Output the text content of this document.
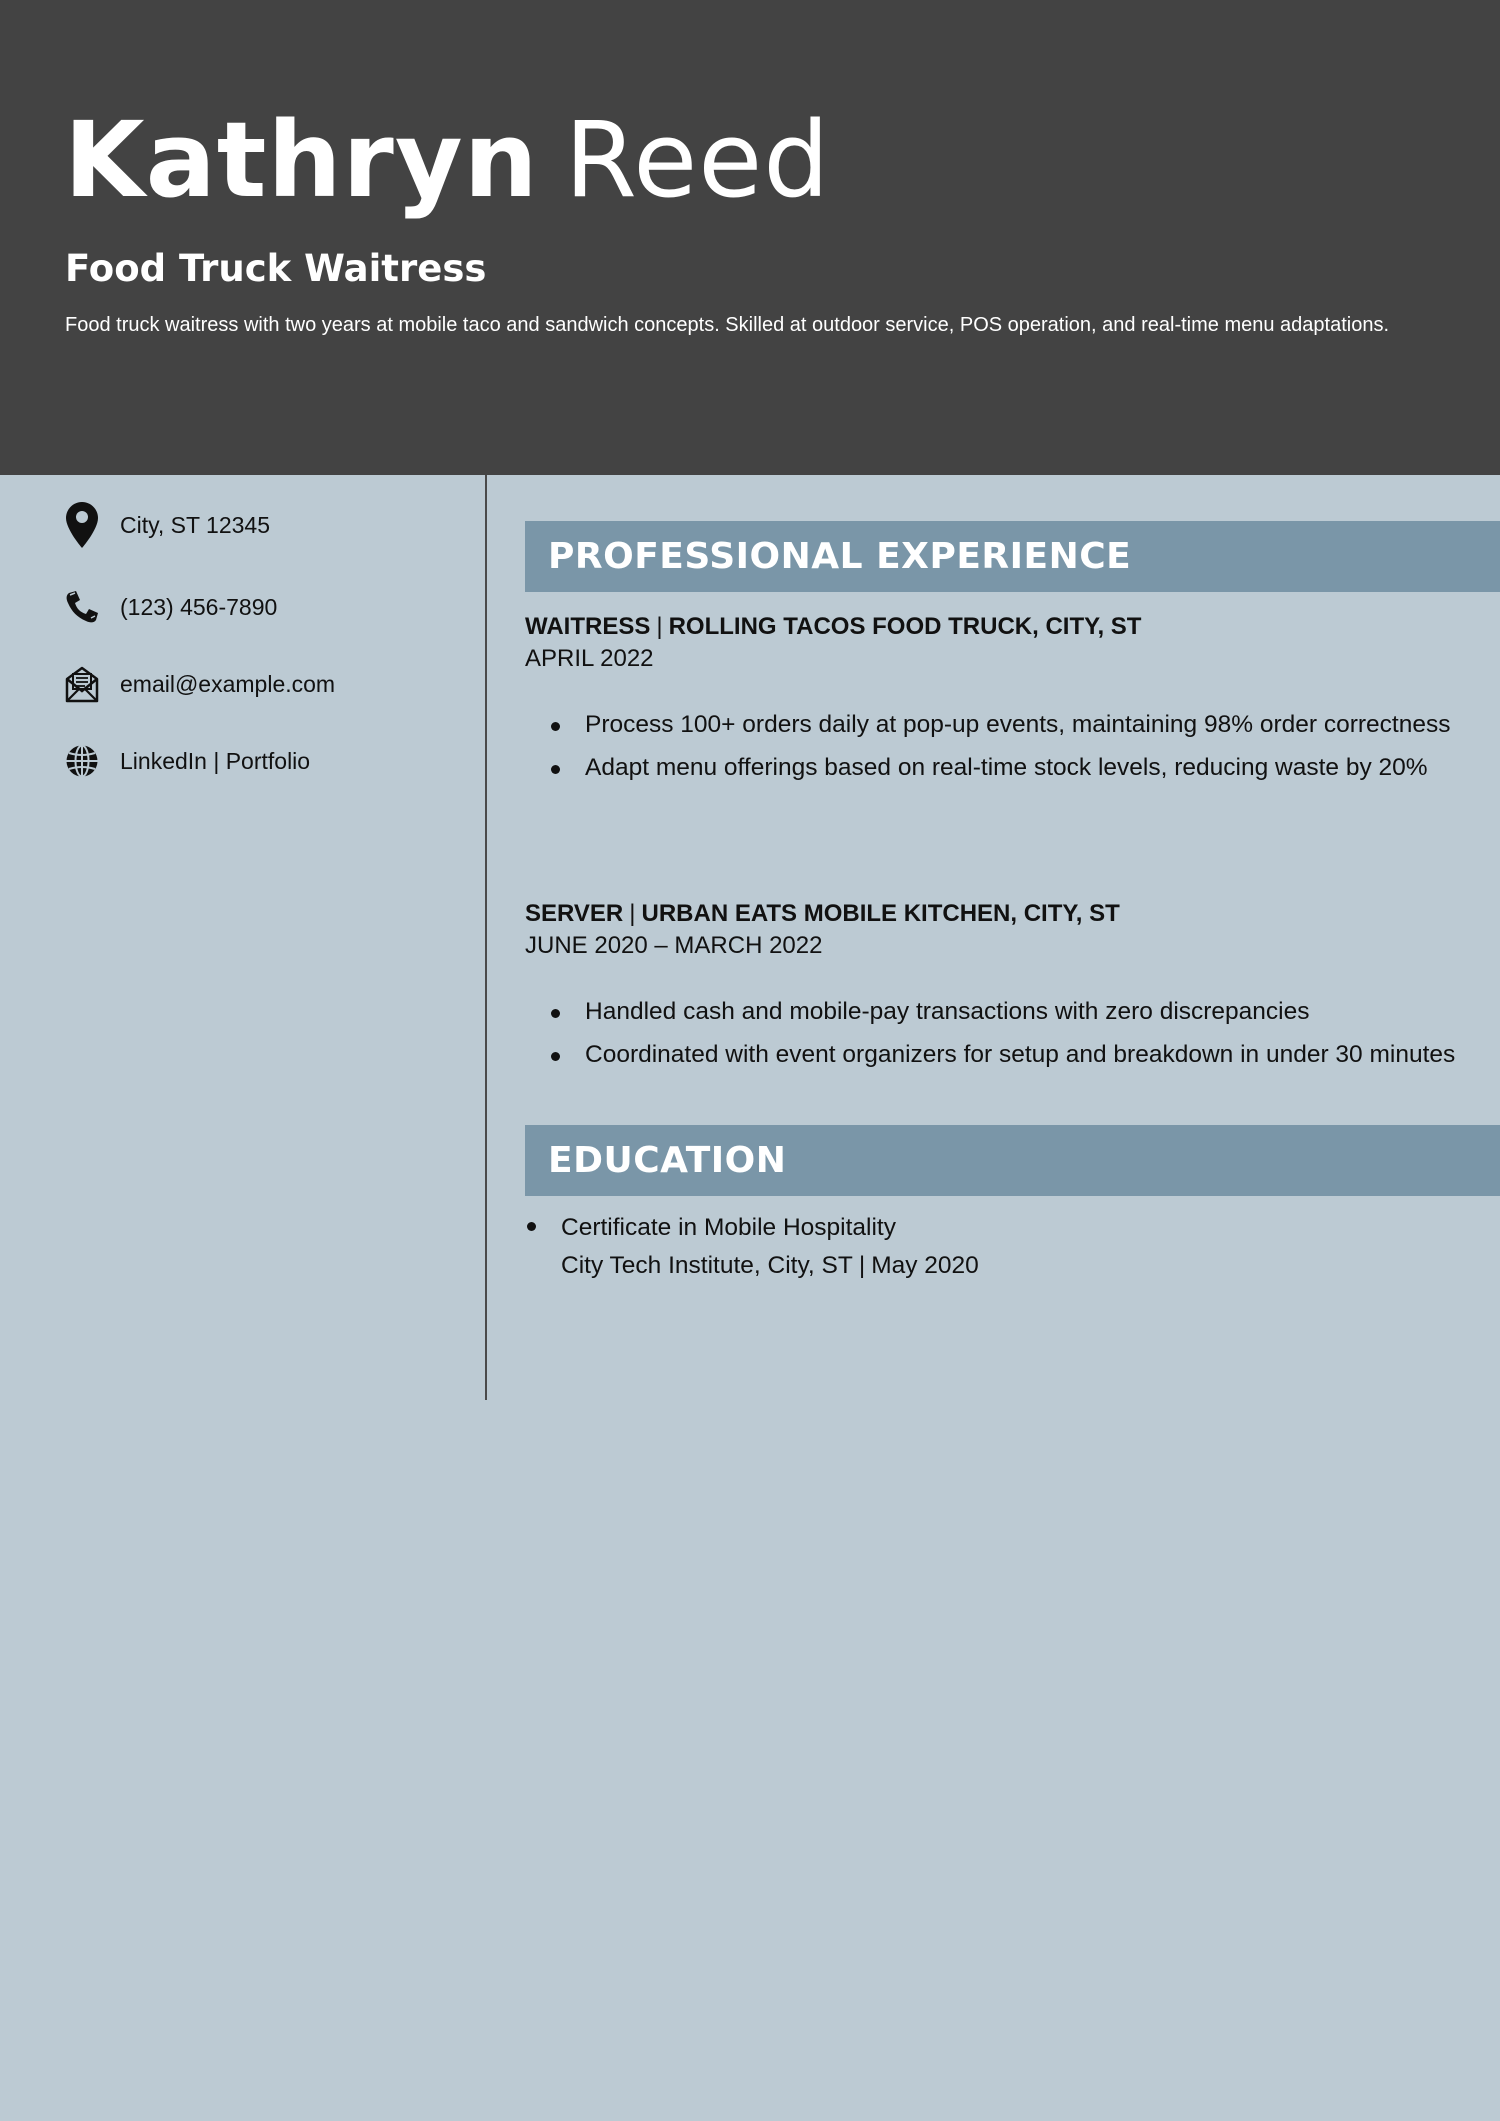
Kathryn Reed
Food Truck Waitress
Food truck waitress with two years at mobile taco and sandwich concepts. Skilled at outdoor service, POS operation, and real-time menu adaptations.
City, ST 12345
(123) 456-7890
email@example.com
LinkedIn | Portfolio
PROFESSIONAL EXPERIENCE
WAITRESS | ROLLING TACOS FOOD TRUCK, CITY, ST
APRIL 2022
Process 100+ orders daily at pop-up events, maintaining 98% order correctness
Adapt menu offerings based on real-time stock levels, reducing waste by 20%
SERVER | URBAN EATS MOBILE KITCHEN, CITY, ST
JUNE 2020 – MARCH 2022
Handled cash and mobile-pay transactions with zero discrepancies
Coordinated with event organizers for setup and breakdown in under 30 minutes
EDUCATION
Certificate in Mobile Hospitality
City Tech Institute, City, ST | May 2020
